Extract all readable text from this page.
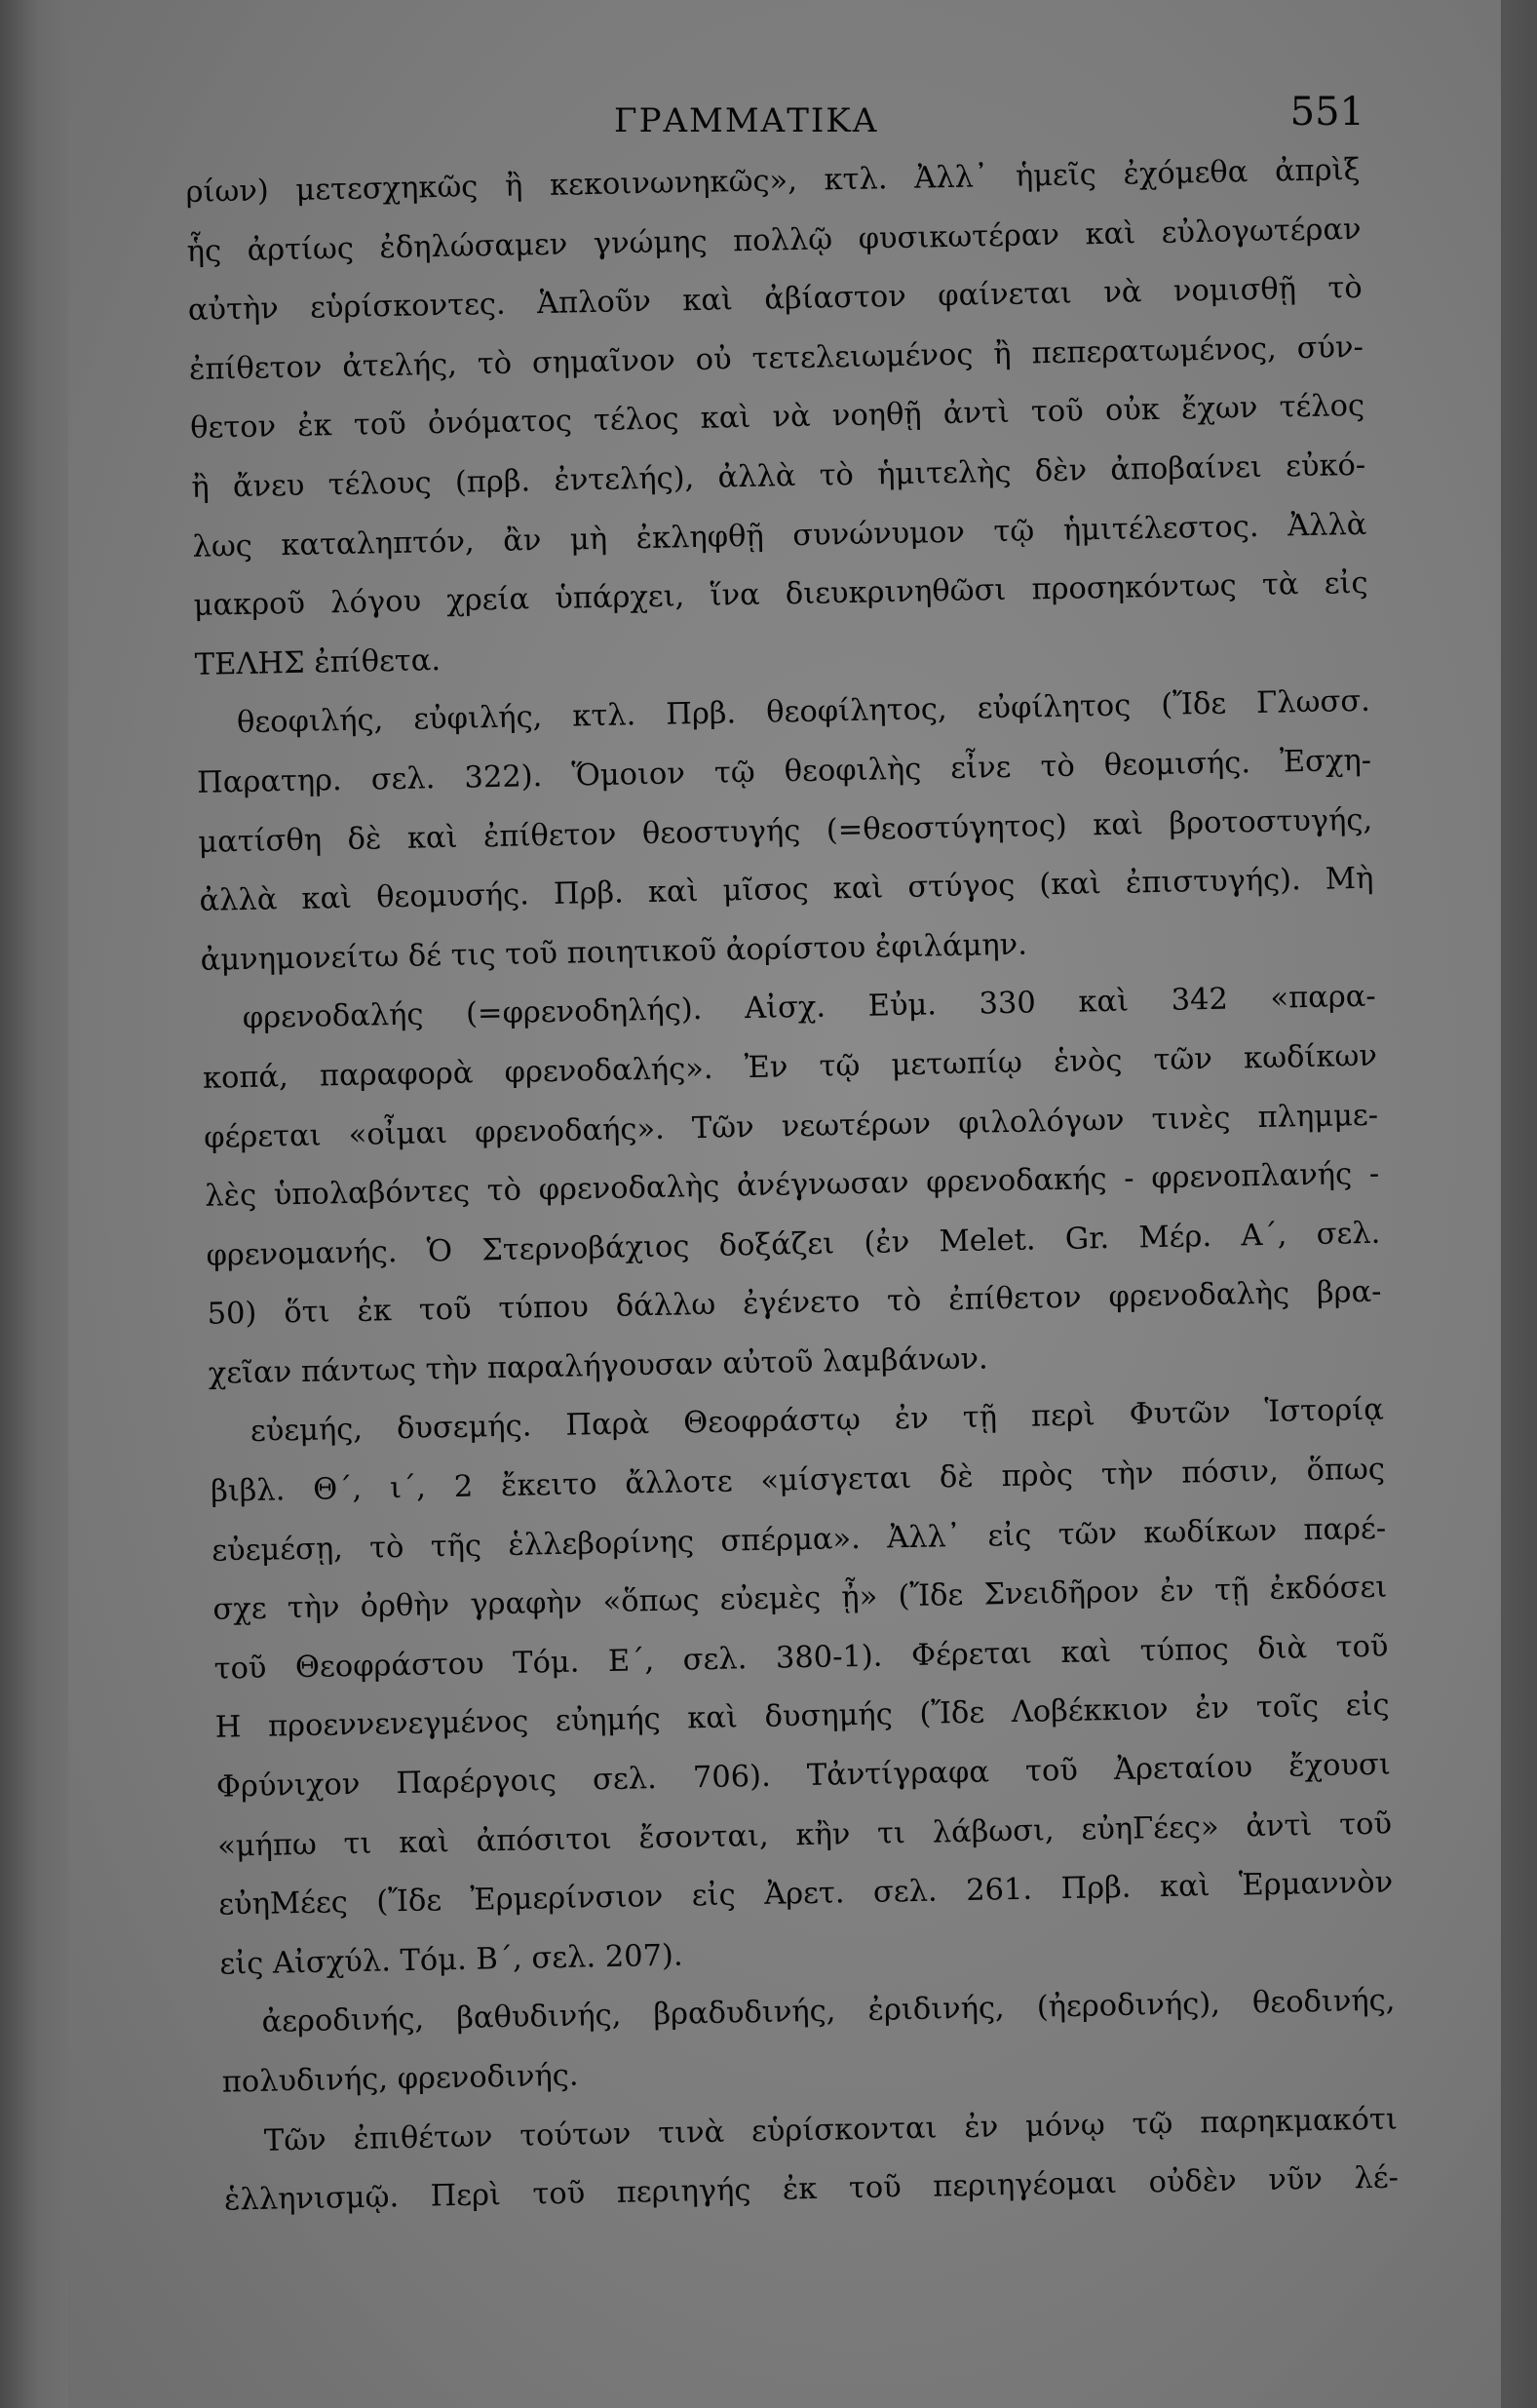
ΓΡΑΜΜΑΤΙΚΑ	551
ρίων) μετεσχηκῶς ἢ κεκοινωνηκῶς», κτλ. Ἀλλ᾽ ἡμεῖς ἐχόμεθα ἀπρὶξ
ἧς ἀρτίως ἐδηλώσαμεν γνώμης πολλῷ φυσικωτέραν καὶ εὐλογωτέραν
αὐτὴν εὑρίσκοντες. Ἁπλοῦν καὶ ἀβίαστον φαίνεται νὰ νομισθῇ τὸ
ἐπίθετον ἀτελής, τὸ σημαῖνον οὐ τετελειωμένος ἢ πεπερατωμένος, σύν-
θετον ἐκ τοῦ ὀνόματος τέλος καὶ νὰ νοηθῇ ἀντὶ τοῦ οὐκ ἔχων τέλος
ἢ ἄνευ τέλους (πρβ. ἐντελής), ἀλλὰ τὸ ἡμιτελὴς δὲν ἀποβαίνει εὐκό-
λως καταληπτόν, ἂν μὴ ἐκληφθῇ συνώνυμον τῷ ἡμιτέλεστος. Ἀλλὰ
μακροῦ λόγου χρεία ὑπάρχει, ἵνα διευκρινηθῶσι προσηκόντως τὰ εἰς
ΤΕΛΗΣ ἐπίθετα.
θεοφιλής, εὐφιλής, κτλ. Πρβ. θεοφίλητος, εὐφίλητος (Ἴδε Γλωσσ.
Παρατηρ. σελ. 322). Ὅμοιον τῷ θεοφιλὴς εἶνε τὸ θεομισής. Ἐσχη-
ματίσθη δὲ καὶ ἐπίθετον θεοστυγής (=θεοστύγητος) καὶ βροτοστυγής,
ἀλλὰ καὶ θεομυσής. Πρβ. καὶ μῖσος καὶ στύγος (καὶ ἐπιστυγής). Μὴ
ἀμνημονείτω δέ τις τοῦ ποιητικοῦ ἀορίστου ἐφιλάμην.
φρενοδαλής (=φρενοδηλής). Αἰσχ. Εὐμ. 330 καὶ 342 «παρα-
κοπά, παραφορὰ φρενοδαλής». Ἐν τῷ μετωπίῳ ἑνὸς τῶν κωδίκων
φέρεται «οἶμαι φρενοδαής». Τῶν νεωτέρων φιλολόγων τινὲς πλημμε-
λὲς ὑπολαβόντες τὸ φρενοδαλὴς ἀνέγνωσαν φρενοδακής - φρενοπλανής -
φρενομανής. Ὁ Στερνοβάχιος δοξάζει (ἐν Melet. Gr. Μέρ. Α΄, σελ.
50) ὅτι ἐκ τοῦ τύπου δάλλω ἐγένετο τὸ ἐπίθετον φρενοδαλὴς βρα-
χεῖαν πάντως τὴν παραλήγουσαν αὐτοῦ λαμβάνων.
εὐεμής, δυσεμής. Παρὰ Θεοφράστῳ ἐν τῇ περὶ Φυτῶν Ἱστορίᾳ
βιβλ. Θ΄, ι΄, 2 ἔκειτο ἄλλοτε «μίσγεται δὲ πρὸς τὴν πόσιν, ὅπως
εὐεμέσῃ, τὸ τῆς ἑλλεβορίνης σπέρμα». Ἀλλ᾽ εἰς τῶν κωδίκων παρέ-
σχε τὴν ὀρθὴν γραφὴν «ὅπως εὐεμὲς ᾖ» (Ἴδε Σνειδῆρον ἐν τῇ ἐκδόσει
τοῦ Θεοφράστου Τόμ. Ε΄, σελ. 380-1). Φέρεται καὶ τύπος διὰ τοῦ
Η προεννενεγμένος εὐημής καὶ δυσημής (Ἴδε Λοβέκκιον ἐν τοῖς εἰς
Φρύνιχον Παρέργοις σελ. 706). Τἀντίγραφα τοῦ Ἀρεταίου ἔχουσι
«μήπω τι καὶ ἀπόσιτοι ἔσονται, κἢν τι λάβωσι, εὐηΓέες» ἀντὶ τοῦ
εὐηΜέες (Ἴδε Ἐρμερίνσιον εἰς Ἀρετ. σελ. 261. Πρβ. καὶ Ἑρμαννὸν
εἰς Αἰσχύλ. Τόμ. Β΄, σελ. 207).
ἀεροδινής, βαθυδινής, βραδυδινής, ἐριδινής, (ἠεροδινής), θεοδινής,
πολυδινής, φρενοδινής.
Τῶν ἐπιθέτων τούτων τινὰ εὑρίσκονται ἐν μόνῳ τῷ παρηκμακότι
ἑλληνισμῷ. Περὶ τοῦ περιηγής ἐκ τοῦ περιηγέομαι οὐδὲν νῦν λέ-
